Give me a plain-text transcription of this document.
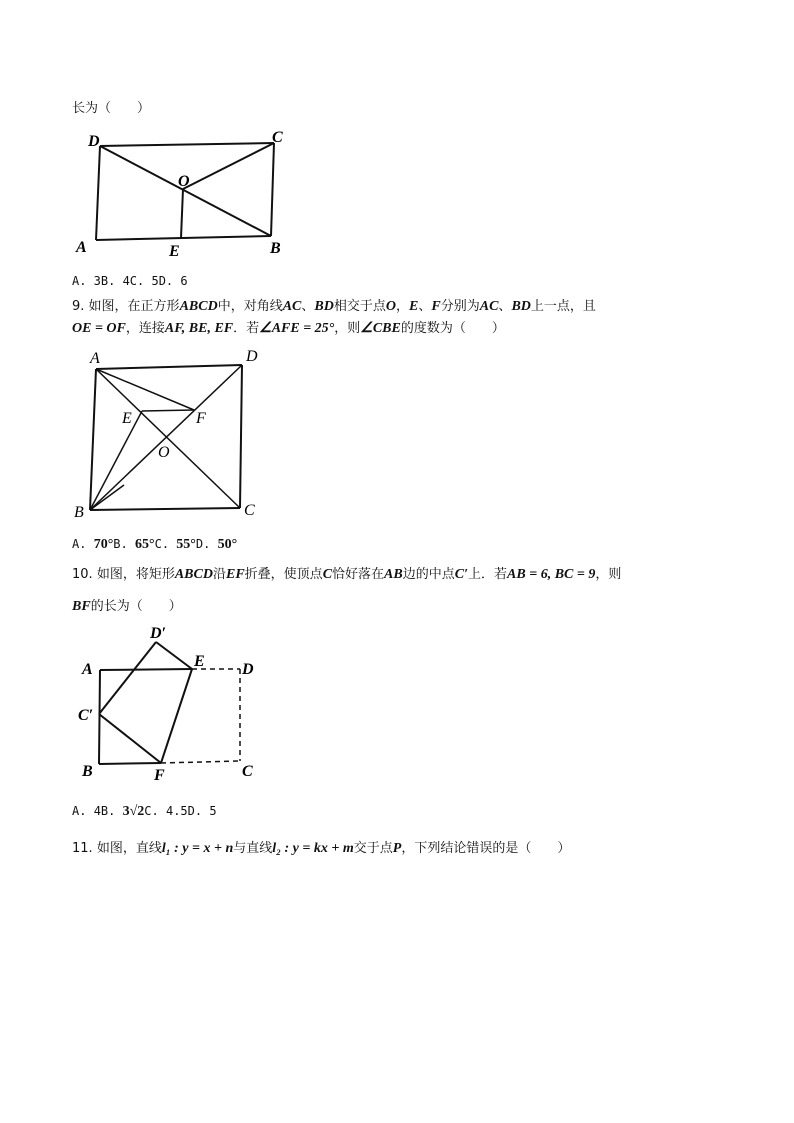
长为（　　）
D	C
O
A	E	B
A. 3B. 4C. 5D. 6
9. 如图，在正方形ABCD中，对角线AC、BD相交于点O，E、F分别为AC、BD上一点，且
OE = OF，连接AF, BE, EF．若∠AFE = 25°，则∠CBE的度数为（　　）
A	D
E	F
O
B	C
A. 70°B. 65°C. 55°D. 50°
10. 如图，将矩形ABCD沿EF折叠，使顶点C恰好落在AB边的中点C′上．若AB = 6, BC = 9，则
BF的长为（　　）
D′
A	E D
C′
B	F	C
A. 4B. 3√2C. 4.5D. 5
11. 如图，直线l₁ : y = x + n与直线l₂ : y = kx + m交于点P，下列结论错误的是（　　）
